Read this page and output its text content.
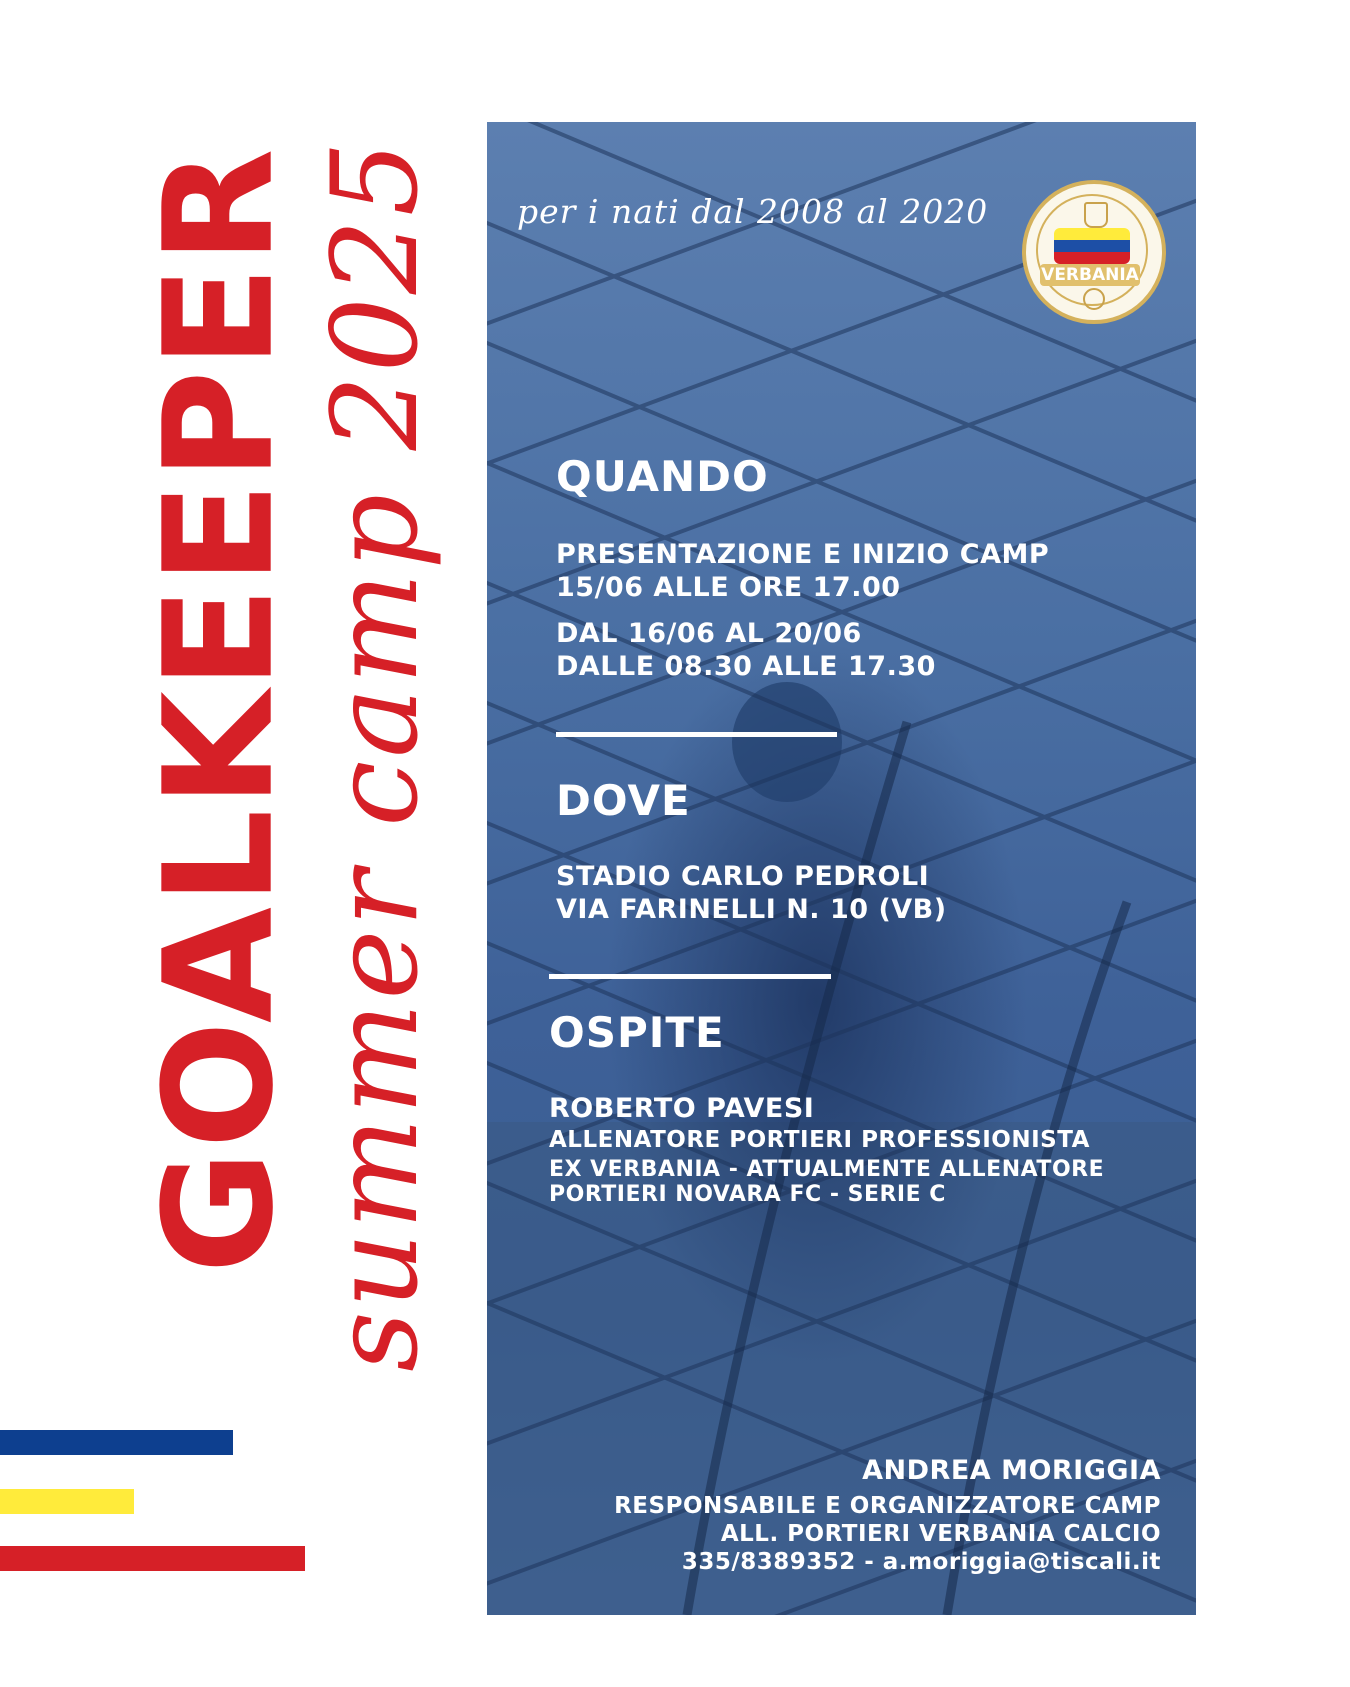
GOALKEEPER summer camp 2025 per i nati dal 2008 al 2020
VERBANIA
QUANDO
PRESENTAZIONE E INIZIO CAMP
15/06 ALLE ORE 17.00
DAL 16/06 AL 20/06
DALLE 08.30 ALLE 17.30
DOVE
STADIO CARLO PEDROLI
VIA FARINELLI N. 10 (VB)
OSPITE
ROBERTO PAVESI
ALLENATORE PORTIERI PROFESSIONISTA
EX VERBANIA - ATTUALMENTE ALLENATORE
PORTIERI NOVARA FC - SERIE C
ANDREA MORIGGIA
RESPONSABILE E ORGANIZZATORE CAMP
ALL. PORTIERI VERBANIA CALCIO
335/8389352 - a.moriggia@tiscali.it
